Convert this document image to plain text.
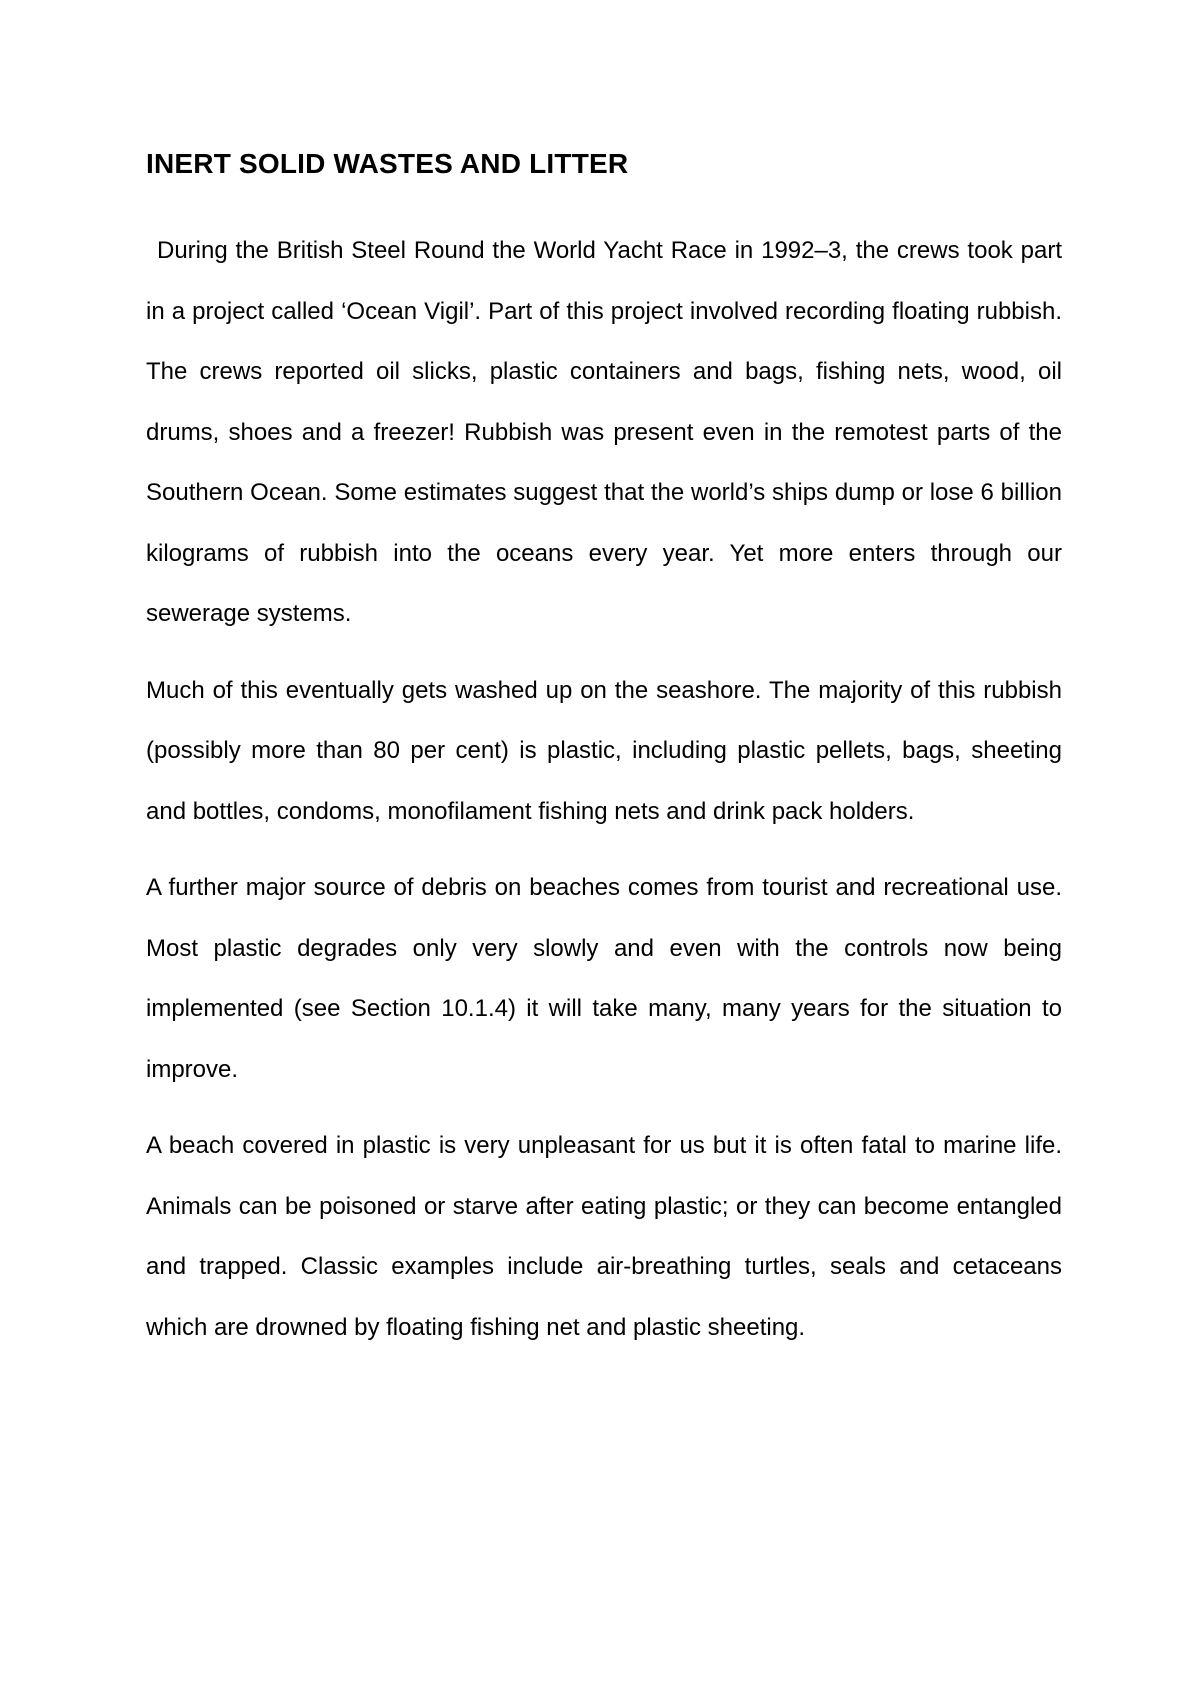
INERT SOLID WASTES AND LITTER

During the British Steel Round the World Yacht Race in 1992–3, the crews took part in a project called ‘Ocean Vigil’. Part of this project involved recording floating rubbish. The crews reported oil slicks, plastic containers and bags, fishing nets, wood, oil drums, shoes and a freezer! Rubbish was present even in the remotest parts of the Southern Ocean. Some estimates suggest that the world’s ships dump or lose 6 billion kilograms of rubbish into the oceans every year. Yet more enters through our sewerage systems.

Much of this eventually gets washed up on the seashore. The majority of this rubbish (possibly more than 80 per cent) is plastic, including plastic pellets, bags, sheeting and bottles, condoms, monofilament fishing nets and drink pack holders.

A further major source of debris on beaches comes from tourist and recreational use. Most plastic degrades only very slowly and even with the controls now being implemented (see Section 10.1.4) it will take many, many years for the situation to improve.

A beach covered in plastic is very unpleasant for us but it is often fatal to marine life. Animals can be poisoned or starve after eating plastic; or they can become entangled and trapped. Classic examples include air-breathing turtles, seals and cetaceans which are drowned by floating fishing net and plastic sheeting.
